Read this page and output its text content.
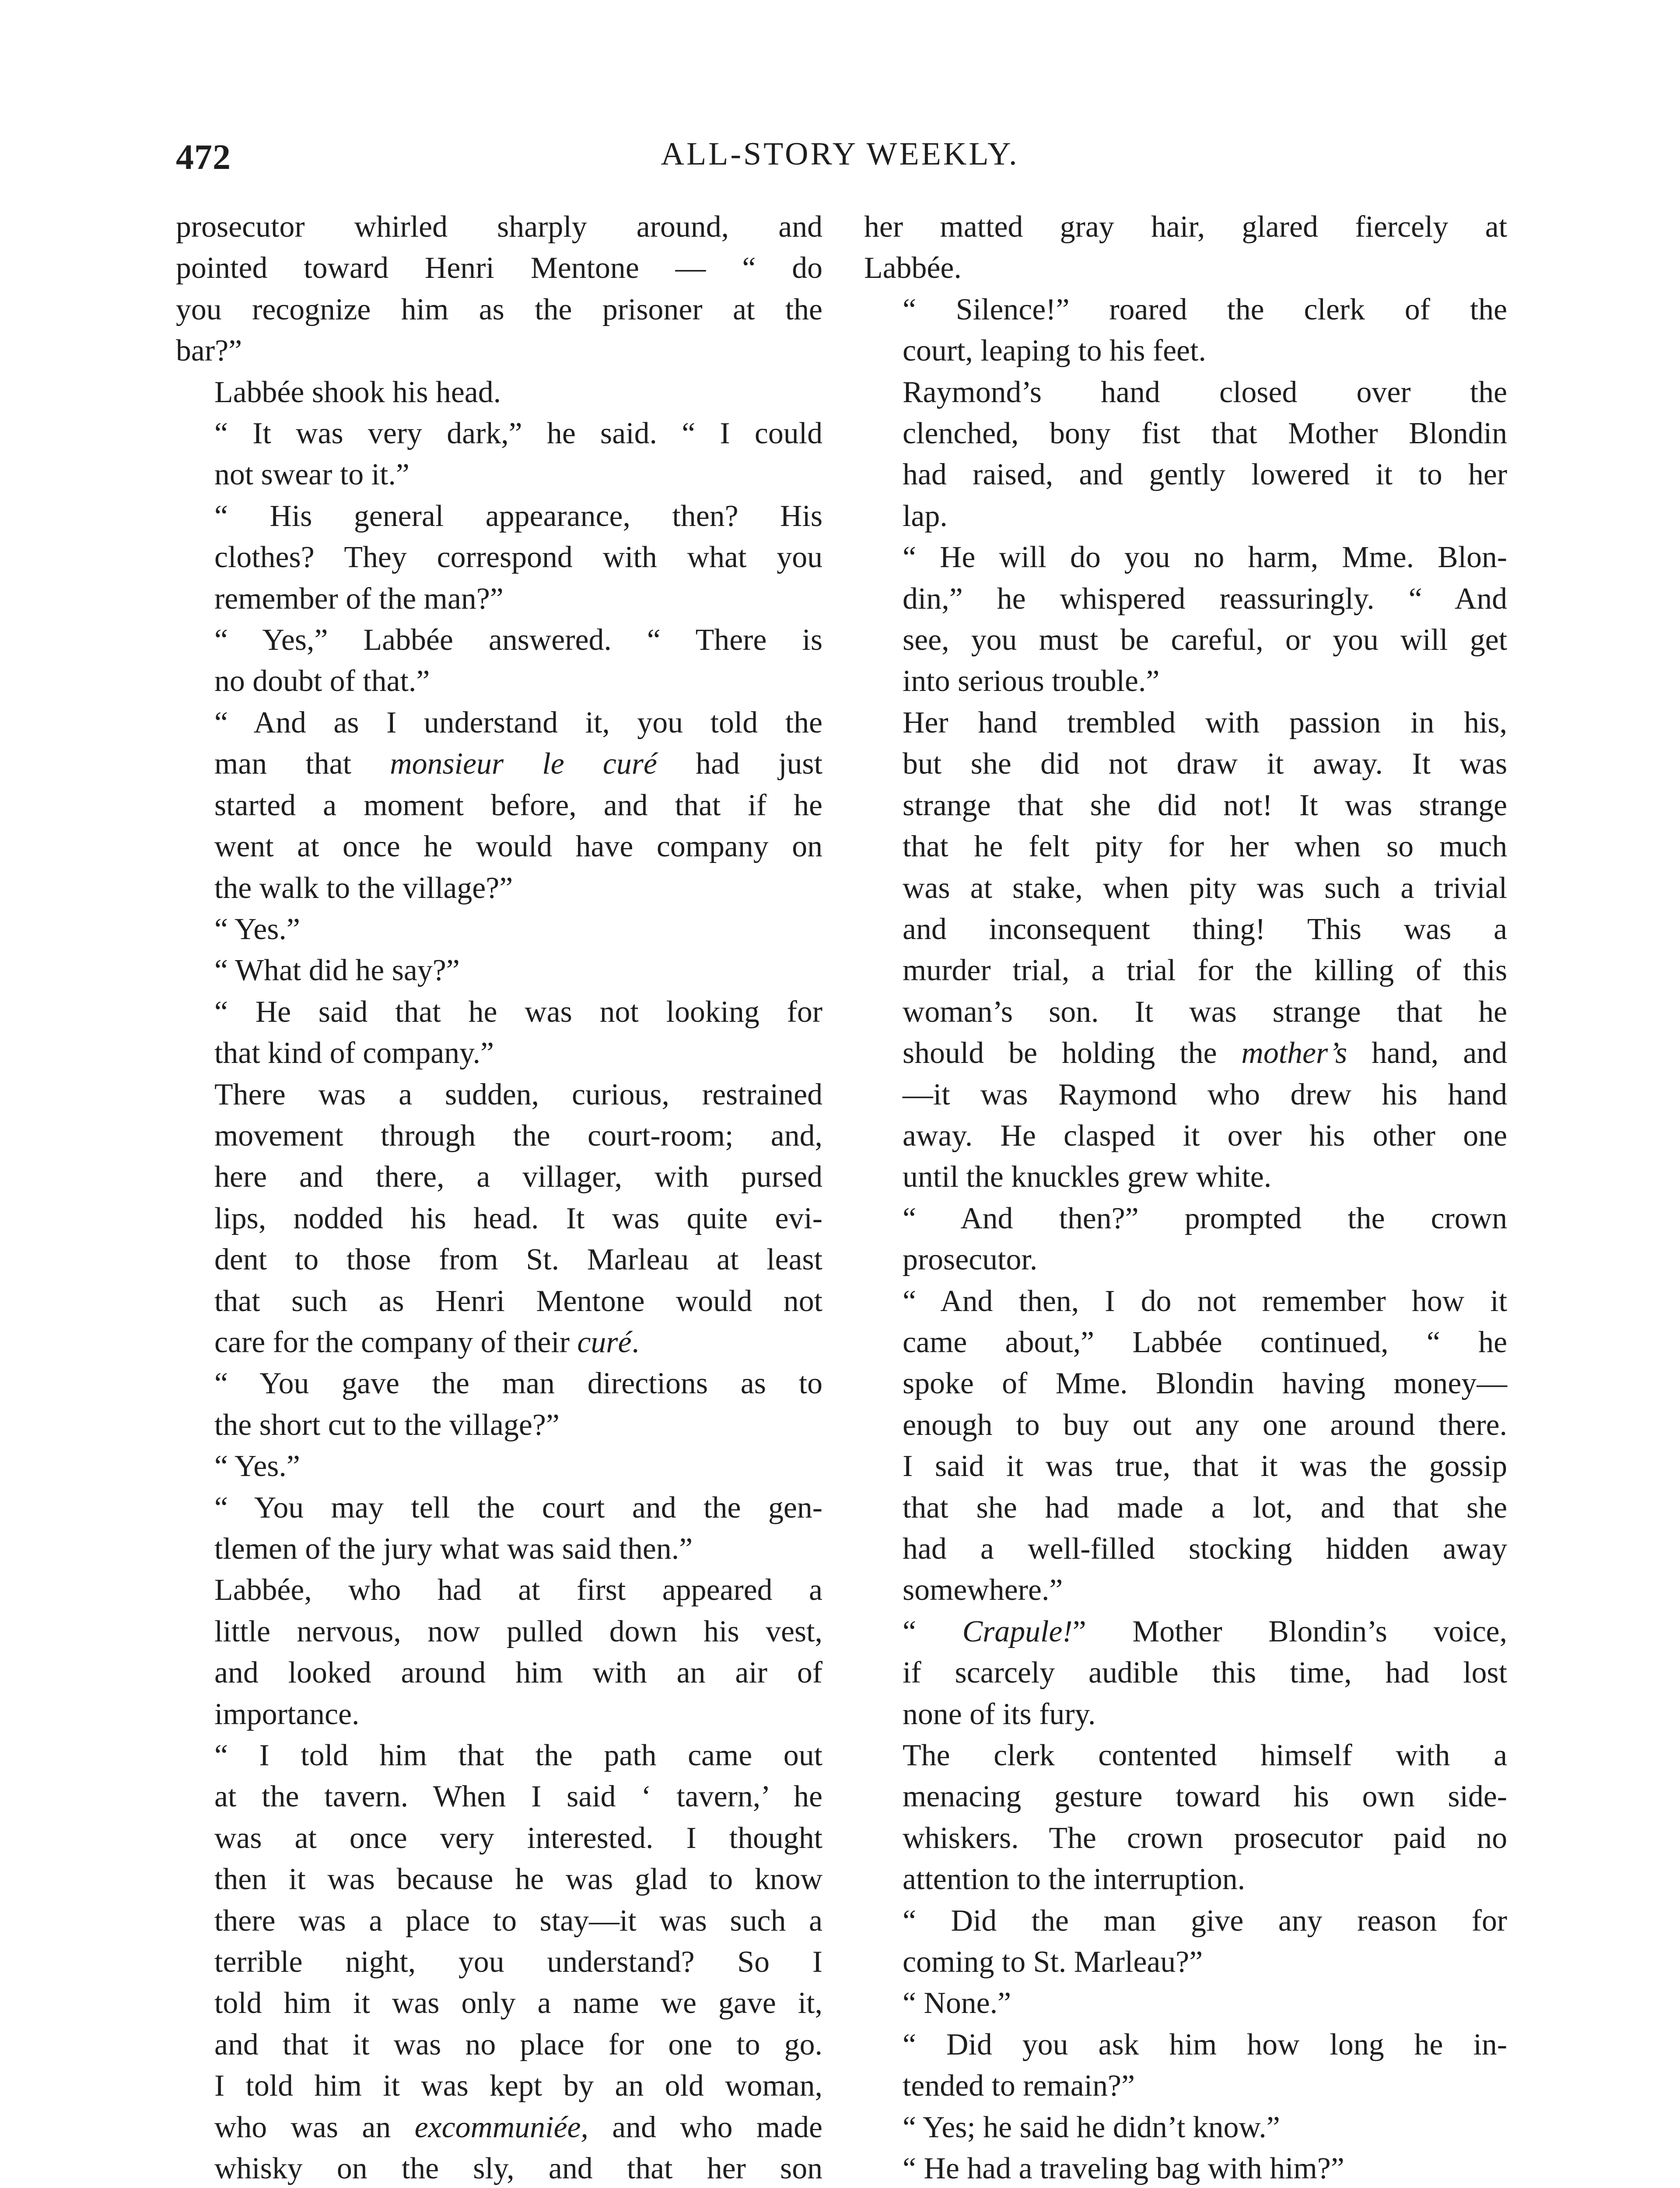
472	ALL-STORY WEEKLY.

prosecutor whirled sharply around, and
pointed toward Henri Mentone — “ do
you recognize him as the prisoner at the
bar?”

Labbée shook his head.

“ It was very dark,” he said. “ I could
not swear to it.”

“ His general appearance, then? His
clothes? They correspond with what you
remember of the man?”

“ Yes,” Labbée answered. “ There is
no doubt of that.”

“ And as I understand it, you told the
man that monsieur le curé had just
started a moment before, and that if he
went at once he would have company on
the walk to the village?”

“ Yes.”

“ What did he say?”

“ He said that he was not looking for
that kind of company.”

There was a sudden, curious, restrained
movement through the court-room; and,
here and there, a villager, with pursed
lips, nodded his head. It was quite evi-
dent to those from St. Marleau at least
that such as Henri Mentone would not
care for the company of their curé.

“ You gave the man directions as to
the short cut to the village?”

“ Yes.”

“ You may tell the court and the gen-
tlemen of the jury what was said then.”

Labbée, who had at first appeared a
little nervous, now pulled down his vest,
and looked around him with an air of
importance.

“ I told him that the path came out
at the tavern. When I said ‘ tavern,’ he
was at once very interested. I thought
then it was because he was glad to know
there was a place to stay—it was such a
terrible night, you understand? So I
told him it was only a name we gave it,
and that it was no place for one to go.
I told him it was kept by an old woman,
who was an excommuniée, and who made
whisky on the sly, and that her son

her matted gray hair, glared fiercely at
Labbée.

“ Silence!” roared the clerk of the
court, leaping to his feet.

Raymond’s hand closed over the
clenched, bony fist that Mother Blondin
had raised, and gently lowered it to her
lap.

“ He will do you no harm, Mme. Blon-
din,” he whispered reassuringly. “ And
see, you must be careful, or you will get
into serious trouble.”

Her hand trembled with passion in his,
but she did not draw it away. It was
strange that she did not! It was strange
that he felt pity for her when so much
was at stake, when pity was such a trivial
and inconsequent thing! This was a
murder trial, a trial for the killing of this
woman’s son. It was strange that he
should be holding the mother’s hand, and
—it was Raymond who drew his hand
away. He clasped it over his other one
until the knuckles grew white.

“ And then?” prompted the crown
prosecutor.

“ And then, I do not remember how it
came about,” Labbée continued, “ he
spoke of Mme. Blondin having money—
enough to buy out any one around there.
I said it was true, that it was the gossip
that she had made a lot, and that she
had a well-filled stocking hidden away
somewhere.”

“ Crapule!” Mother Blondin’s voice,
if scarcely audible this time, had lost
none of its fury.

The clerk contented himself with a
menacing gesture toward his own side-
whiskers. The crown prosecutor paid no
attention to the interruption.

“ Did the man give any reason for
coming to St. Marleau?”

“ None.”

“ Did you ask him how long he in-
tended to remain?”

“ Yes; he said he didn’t know.”

“ He had a traveling bag with him?”
